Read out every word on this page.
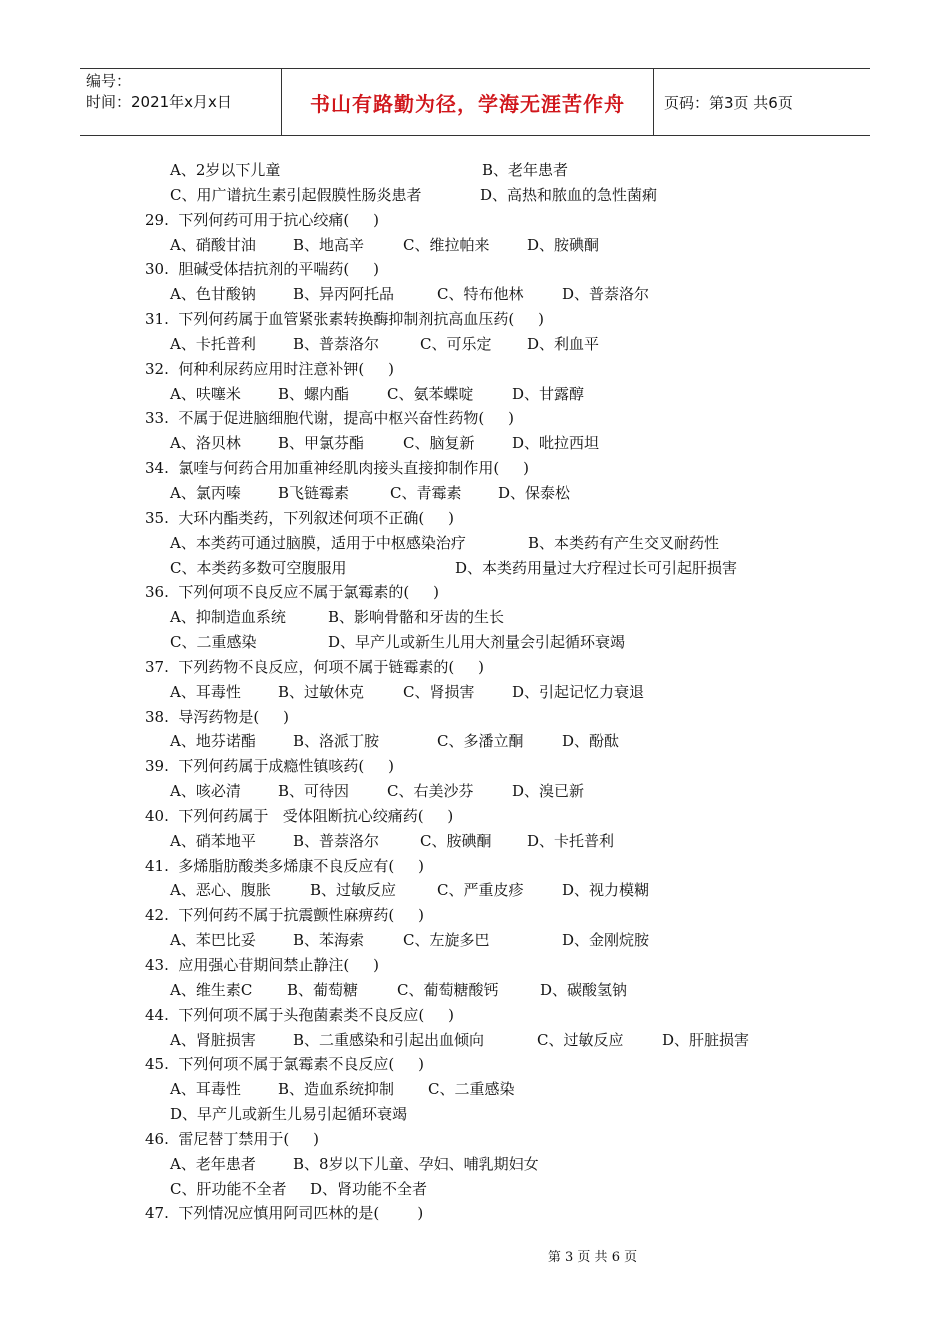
编号：
时间：2021年x月x日	书山有路勤为径，学海无涯苦作舟	页码：第3页 共6页
A、2岁以下儿童	B、老年患者
C、用广谱抗生素引起假膜性肠炎患者	D、高热和脓血的急性菌痢
29.  下列何药可用于抗心绞痛(     )
A、硝酸甘油 B、地高辛	C、维拉帕来	D、胺碘酮
30.  胆碱受体拮抗剂的平喘药(     )
A、色甘酸钠 B、异丙阿托品	C、特布他林	D、普萘洛尔
31.  下列何药属于血管紧张素转换酶抑制剂抗高血压药(     )
A、卡托普利 B、普萘洛尔	C、可乐定 D、利血平
32.  何种利尿药应用时注意补钾(     )
A、呋噻米 B、螺内酯	C、氨苯蝶啶	D、甘露醇
33.  不属于促进脑细胞代谢，提高中枢兴奋性药物(     )
A、洛贝林 B、甲氯芬酯	C、脑复新	D、吡拉西坦
34.  氯喹与何药合用加重神经肌肉接头直接抑制作用(     )
A、氯丙嗪 B飞链霉素	C、青霉素 D、保泰松
35.  大环内酯类药，下列叙述何项不正确(     )
A、本类药可通过脑膜，适用于中枢感染治疗	B、本类药有产生交叉耐药性
C、本类药多数可空腹服用	D、本类药用量过大疗程过长可引起肝损害
36.  下列何项不良反应不属于氯霉素的(     )
A、抑制造血系统	B、影响骨骼和牙齿的生长
C、二重感染	D、早产儿或新生儿用大剂量会引起循环衰竭
37.  下列药物不良反应，何项不属于链霉素的(     )
A、耳毒性 B、过敏休克	C、肾损害	D、引起记忆力衰退
38.  导泻药物是(     )
A、地芬诺酯 B、洛派丁胺	C、多潘立酮	D、酚酞
39.  下列何药属于成瘾性镇咳药(     )
A、咳必清 B、可待因	C、右美沙芬	D、溴已新
40.  下列何药属于   受体阻断抗心绞痛药(     )
A、硝苯地平 B、普萘洛尔	C、胺碘酮 D、卡托普利
41.  多烯脂肪酸类多烯康不良反应有(     )
A、恶心、腹胀	B、过敏反应	C、严重皮疹	D、视力模糊
42.  下列何药不属于抗震颤性麻痹药(     )
A、苯巴比妥 B、苯海索	C、左旋多巴	D、金刚烷胺
43.  应用强心苷期间禁止静注(     )
A、维生素C B、葡萄糖	C、葡萄糖酸钙	D、碳酸氢钠
44.  下列何项不属于头孢菌素类不良反应(     )
A、肾脏损害 B、二重感染和引起出血倾向	C、过敏反应	D、肝脏损害
45.  下列何项不属于氯霉素不良反应(     )
A、耳毒性 B、造血系统抑制 C、二重感染
D、早产儿或新生儿易引起循环衰竭
46.  雷尼替丁禁用于(     )
A、老年患者 B、8岁以下儿童、孕妇、哺乳期妇女
C、肝功能不全者 D、肾功能不全者
47.  下列情况应慎用阿司匹林的是(        )
第 3 页 共 6 页
